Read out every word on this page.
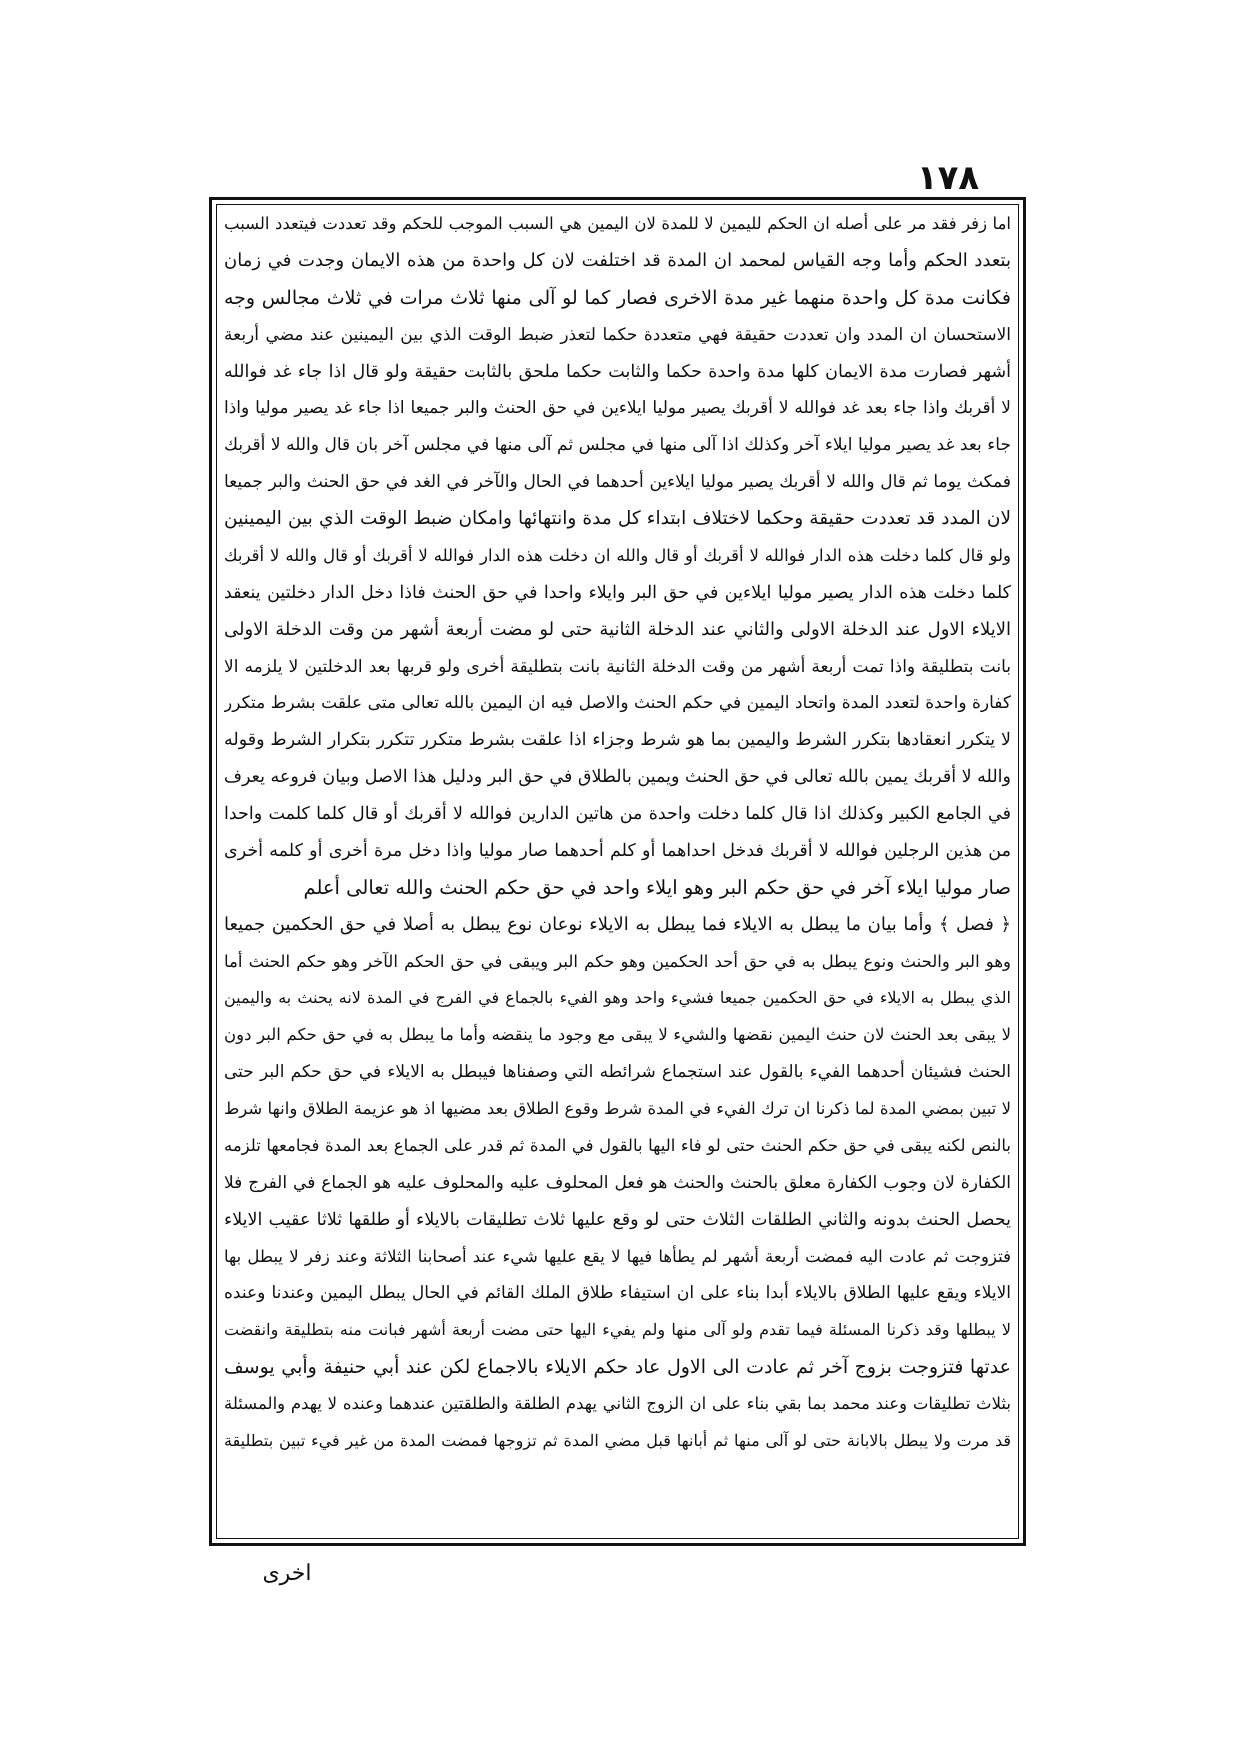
١٧٨
اما زفر فقد مر على أصله ان الحكم لليمين لا للمدة لان اليمين هي السبب الموجب للحكم وقد تعددت فيتعدد السبب
بتعدد الحكم وأما وجه القياس لمحمد ان المدة قد اختلفت لان كل واحدة من هذه الايمان وجدت في زمان
فكانت مدة كل واحدة منهما غير مدة الاخرى فصار كما لو آلى منها ثلاث مرات في ثلاث مجالس وجه
الاستحسان ان المدد وان تعددت حقيقة فهي متعددة حكما لتعذر ضبط الوقت الذي بين اليمينين عند مضي أربعة
أشهر فصارت مدة الايمان كلها مدة واحدة حكما والثابت حكما ملحق بالثابت حقيقة ولو قال اذا جاء غد فوالله
لا أقربك واذا جاء بعد غد فوالله لا أقربك يصير موليا ايلاءين في حق الحنث والبر جميعا اذا جاء غد يصير موليا واذا
جاء بعد غد يصير موليا ايلاء آخر وكذلك اذا آلى منها في مجلس ثم آلى منها في مجلس آخر بان قال والله لا أقربك
فمكث يوما ثم قال والله لا أقربك يصير موليا ايلاءين أحدهما في الحال والآخر في الغد في حق الحنث والبر جميعا
لان المدد قد تعددت حقيقة وحكما لاختلاف ابتداء كل مدة وانتهائها وامكان ضبط الوقت الذي بين اليمينين
ولو قال كلما دخلت هذه الدار فوالله لا أقربك أو قال والله ان دخلت هذه الدار فوالله لا أقربك أو قال والله لا أقربك
كلما دخلت هذه الدار يصير موليا ايلاءين في حق البر وايلاء واحدا في حق الحنث فاذا دخل الدار دخلتين ينعقد
الايلاء الاول عند الدخلة الاولى والثاني عند الدخلة الثانية حتى لو مضت أربعة أشهر من وقت الدخلة الاولى
بانت بتطليقة واذا تمت أربعة أشهر من وقت الدخلة الثانية بانت بتطليقة أخرى ولو قربها بعد الدخلتين لا يلزمه الا
كفارة واحدة لتعدد المدة واتحاد اليمين في حكم الحنث والاصل فيه ان اليمين بالله تعالى متى علقت بشرط متكرر
لا يتكرر انعقادها بتكرر الشرط واليمين بما هو شرط وجزاء اذا علقت بشرط متكرر تتكرر بتكرار الشرط وقوله
والله لا أقربك يمين بالله تعالى في حق الحنث ويمين بالطلاق في حق البر ودليل هذا الاصل وبيان فروعه يعرف
في الجامع الكبير وكذلك اذا قال كلما دخلت واحدة من هاتين الدارين فوالله لا أقربك أو قال كلما كلمت واحدا
من هذين الرجلين فوالله لا أقربك فدخل احداهما أو كلم أحدهما صار موليا واذا دخل مرة أخرى أو كلمه أخرى
صار موليا ايلاء آخر في حق حكم البر وهو ايلاء واحد في حق حكم الحنث والله تعالى أعلم
﴿ فصل ﴾ وأما بيان ما يبطل به الايلاء فما يبطل به الايلاء نوعان نوع يبطل به أصلا في حق الحكمين جميعا
وهو البر والحنث ونوع يبطل به في حق أحد الحكمين وهو حكم البر ويبقى في حق الحكم الآخر وهو حكم الحنث أما
الذي يبطل به الايلاء في حق الحكمين جميعا فشيء واحد وهو الفيء بالجماع في الفرج في المدة لانه يحنث به واليمين
لا يبقى بعد الحنث لان حنث اليمين نقضها والشيء لا يبقى مع وجود ما ينقضه وأما ما يبطل به في حق حكم البر دون
الحنث فشيئان أحدهما الفيء بالقول عند استجماع شرائطه التي وصفناها فيبطل به الايلاء في حق حكم البر حتى
لا تبين بمضي المدة لما ذكرنا ان ترك الفيء في المدة شرط وقوع الطلاق بعد مضيها اذ هو عزيمة الطلاق وانها شرط
بالنص لكنه يبقى في حق حكم الحنث حتى لو فاء اليها بالقول في المدة ثم قدر على الجماع بعد المدة فجامعها تلزمه
الكفارة لان وجوب الكفارة معلق بالحنث والحنث هو فعل المحلوف عليه والمحلوف عليه هو الجماع في الفرج فلا
يحصل الحنث بدونه والثاني الطلقات الثلاث حتى لو وقع عليها ثلاث تطليقات بالايلاء أو طلقها ثلاثا عقيب الايلاء
فتزوجت ثم عادت اليه فمضت أربعة أشهر لم يطأها فيها لا يقع عليها شيء عند أصحابنا الثلاثة وعند زفر لا يبطل بها
الايلاء ويقع عليها الطلاق بالايلاء أبدا بناء على ان استيفاء طلاق الملك القائم في الحال يبطل اليمين وعندنا وعنده
لا يبطلها وقد ذكرنا المسئلة فيما تقدم ولو آلى منها ولم يفيء اليها حتى مضت أربعة أشهر فبانت منه بتطليقة وانقضت
عدتها فتزوجت بزوج آخر ثم عادت الى الاول عاد حكم الايلاء بالاجماع لكن عند أبي حنيفة وأبي يوسف
بثلاث تطليقات وعند محمد بما بقي بناء على ان الزوج الثاني يهدم الطلقة والطلقتين عندهما وعنده لا يهدم والمسئلة
قد مرت ولا يبطل بالابانة حتى لو آلى منها ثم أبانها قبل مضي المدة ثم تزوجها فمضت المدة من غير فيء تبين بتطليقة
اخرى
